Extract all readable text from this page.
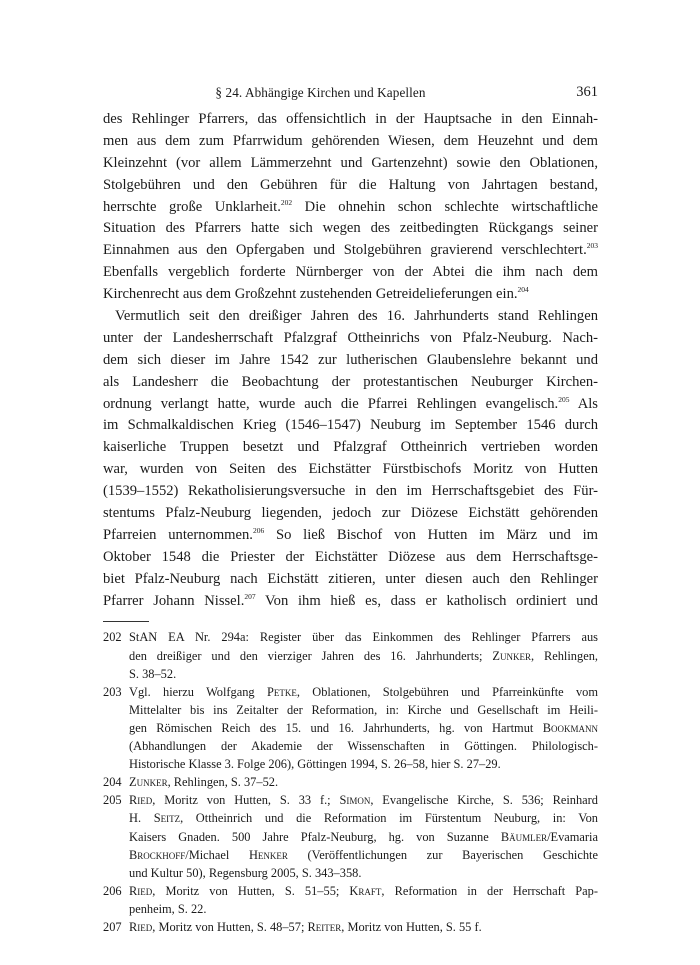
§ 24. Abhängige Kirchen und Kapellen	361
des Rehlinger Pfarrers, das offensichtlich in der Hauptsache in den Einnah-
men aus dem zum Pfarrwidum gehörenden Wiesen, dem Heuzehnt und dem
Kleinzehnt (vor allem Lämmerzehnt und Gartenzehnt) sowie den Oblationen,
Stolgebühren und den Gebühren für die Haltung von Jahrtagen bestand,
herrschte große Unklarheit.$^{202}$ Die ohnehin schon schlechte wirtschaftliche
Situation des Pfarrers hatte sich wegen des zeitbedingten Rückgangs seiner
Einnahmen aus den Opfergaben und Stolgebühren gravierend verschlechtert.$^{203}$
Ebenfalls vergeblich forderte Nürnberger von der Abtei die ihm nach dem
Kirchenrecht aus dem Großzehnt zustehenden Getreidelieferungen ein.$^{204}$
Vermutlich seit den dreißiger Jahren des 16. Jahrhunderts stand Rehlingen
unter der Landesherrschaft Pfalzgraf Ottheinrichs von Pfalz-Neuburg. Nach-
dem sich dieser im Jahre 1542 zur lutherischen Glaubenslehre bekannt und
als Landesherr die Beobachtung der protestantischen Neuburger Kirchen-
ordnung verlangt hatte, wurde auch die Pfarrei Rehlingen evangelisch.$^{205}$ Als
im Schmalkaldischen Krieg (1546–1547) Neuburg im September 1546 durch
kaiserliche Truppen besetzt und Pfalzgraf Ottheinrich vertrieben worden
war, wurden von Seiten des Eichstätter Fürstbischofs Moritz von Hutten
(1539–1552) Rekatholisierungsversuche in den im Herrschaftsgebiet des Für-
stentums Pfalz-Neuburg liegenden, jedoch zur Diözese Eichstätt gehörenden
Pfarreien unternommen.$^{206}$ So ließ Bischof von Hutten im März und im
Oktober 1548 die Priester der Eichstätter Diözese aus dem Herrschaftsge-
biet Pfalz-Neuburg nach Eichstätt zitieren, unter diesen auch den Rehlinger
Pfarrer Johann Nissel.$^{207}$ Von ihm hieß es, dass er katholisch ordiniert und
202 StAN EA Nr. 294a: Register über das Einkommen des Rehlinger Pfarrers aus
den dreißiger und den vierziger Jahren des 16. Jahrhunderts; Zunker, Rehlingen,
S. 38–52.
203 Vgl. hierzu Wolfgang Petke, Oblationen, Stolgebühren und Pfarreinkünfte vom
Mittelalter bis ins Zeitalter der Reformation, in: Kirche und Gesellschaft im Heili-
gen Römischen Reich des 15. und 16. Jahrhunderts, hg. von Hartmut Bookmann
(Abhandlungen der Akademie der Wissenschaften in Göttingen. Philologisch-
Historische Klasse 3. Folge 206), Göttingen 1994, S. 26–58, hier S. 27–29.
204 Zunker, Rehlingen, S. 37–52.
205 Ried, Moritz von Hutten, S. 33 f.; Simon, Evangelische Kirche, S. 536; Reinhard
H. Seitz, Ottheinrich und die Reformation im Fürstentum Neuburg, in: Von
Kaisers Gnaden. 500 Jahre Pfalz-Neuburg, hg. von Suzanne Bäumler/Evamaria
Brockhoff/Michael Henker (Veröffentlichungen zur Bayerischen Geschichte
und Kultur 50), Regensburg 2005, S. 343–358.
206 Ried, Moritz von Hutten, S. 51–55; Kraft, Reformation in der Herrschaft Pap-
penheim, S. 22.
207 Ried, Moritz von Hutten, S. 48–57; Reiter, Moritz von Hutten, S. 55 f.
